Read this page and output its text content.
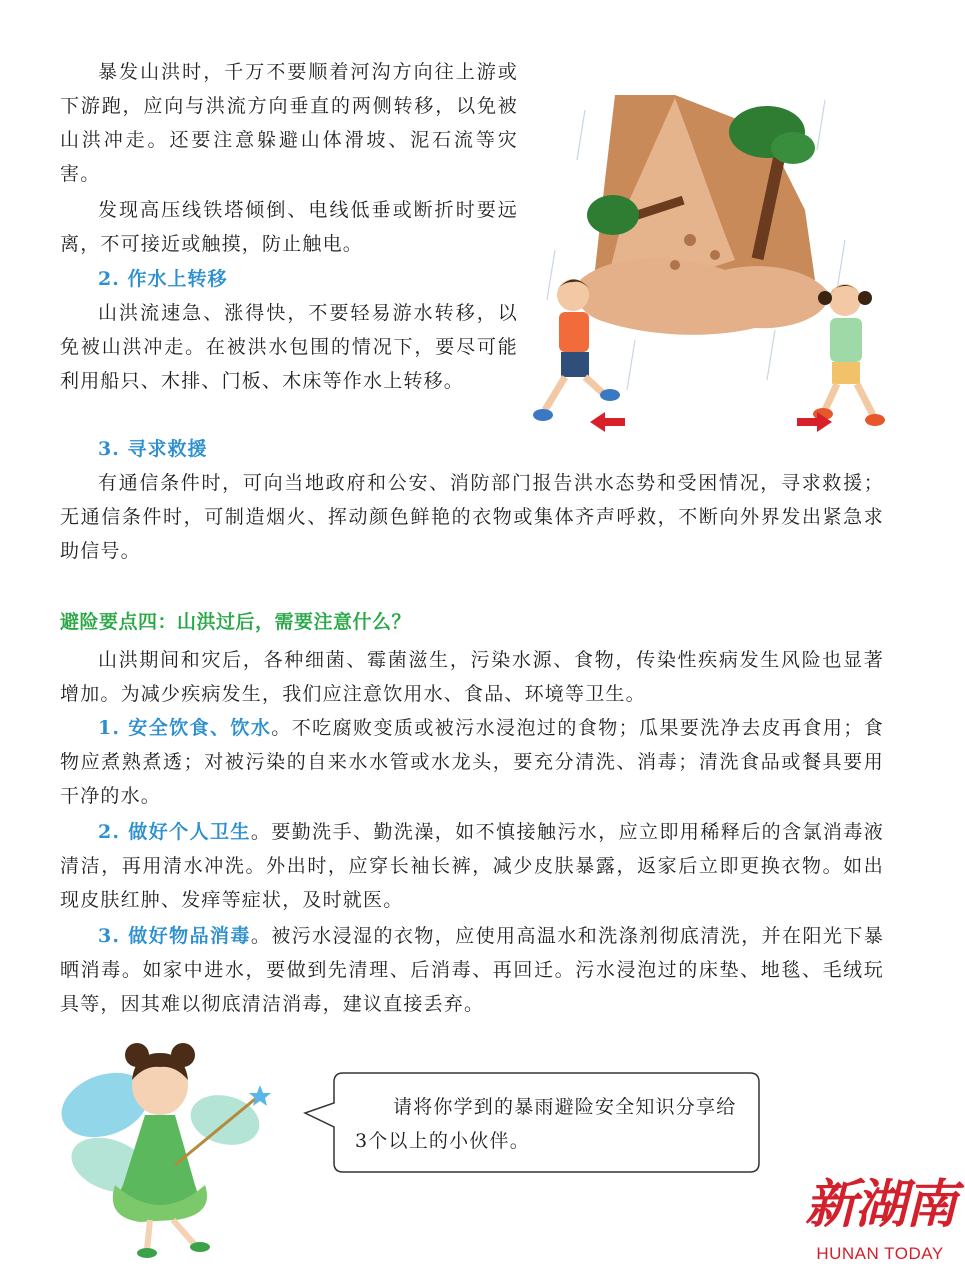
暴发山洪时，千万不要顺着河沟方向往上游或下游跑，应向与洪流方向垂直的两侧转移，以免被山洪冲走。还要注意躲避山体滑坡、泥石流等灾害。

发现高压线铁塔倾倒、电线低垂或断折时要远离，不可接近或触摸，防止触电。

2. 作水上转移

山洪流速急、涨得快，不要轻易游水转移，以免被山洪冲走。在被洪水包围的情况下，要尽可能利用船只、木排、门板、木床等作水上转移。

3. 寻求救援

有通信条件时，可向当地政府和公安、消防部门报告洪水态势和受困情况，寻求救援；无通信条件时，可制造烟火、挥动颜色鲜艳的衣物或集体齐声呼救，不断向外界发出紧急求助信号。

避险要点四：山洪过后，需要注意什么？

山洪期间和灾后，各种细菌、霉菌滋生，污染水源、食物，传染性疾病发生风险也显著增加。为减少疾病发生，我们应注意饮用水、食品、环境等卫生。

1. 安全饮食、饮水。不吃腐败变质或被污水浸泡过的食物；瓜果要洗净去皮再食用；食物应煮熟煮透；对被污染的自来水水管或水龙头，要充分清洗、消毒；清洗食品或餐具要用干净的水。

2. 做好个人卫生。要勤洗手、勤洗澡，如不慎接触污水，应立即用稀释后的含氯消毒液清洁，再用清水冲洗。外出时，应穿长袖长裤，减少皮肤暴露，返家后立即更换衣物。如出现皮肤红肿、发痒等症状，及时就医。

3. 做好物品消毒。被污水浸湿的衣物，应使用高温水和洗涤剂彻底清洗，并在阳光下暴晒消毒。如家中进水，要做到先清理、后消毒、再回迁。污水浸泡过的床垫、地毯、毛绒玩具等，因其难以彻底清洁消毒，建议直接丢弃。

请将你学到的暴雨避险安全知识分享给3个以上的小伙伴。

新湖南
HUNAN TODAY
